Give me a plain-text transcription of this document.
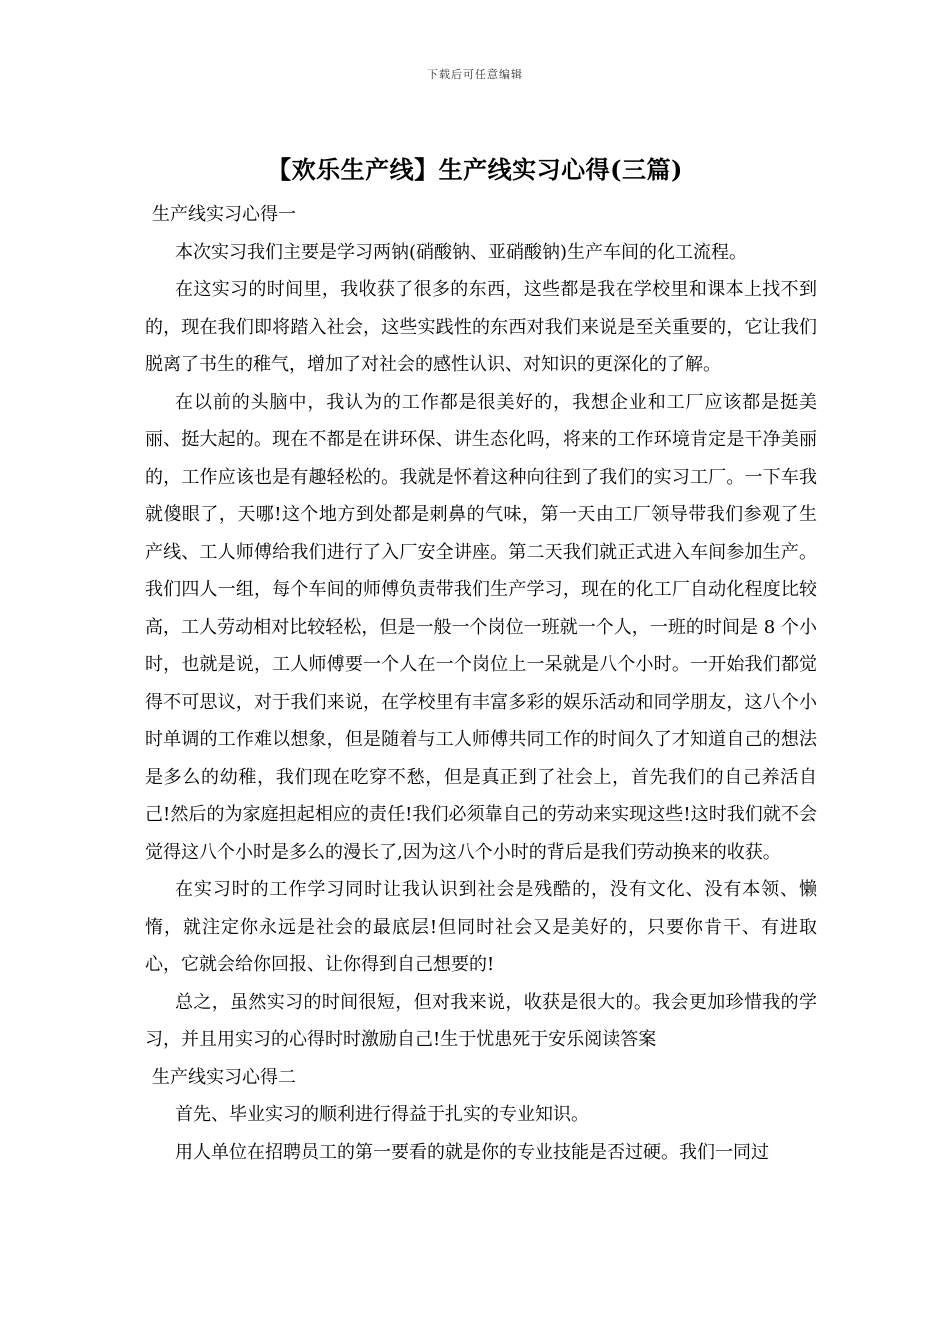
下载后可任意编辑
【欢乐生产线】生产线实习心得(三篇)

生产线实习心得一

本次实习我们主要是学习两钠(硝酸钠、亚硝酸钠)生产车间的化工流程。

在这实习的时间里，我收获了很多的东西，这些都是我在学校里和课本上找不到的，现在我们即将踏入社会，这些实践性的东西对我们来说是至关重要的，它让我们脱离了书生的稚气，增加了对社会的感性认识、对知识的更深化的了解。

在以前的头脑中，我认为的工作都是很美好的，我想企业和工厂应该都是挺美丽、挺大起的。现在不都是在讲环保、讲生态化吗，将来的工作环境肯定是干净美丽的，工作应该也是有趣轻松的。我就是怀着这种向往到了我们的实习工厂。一下车我就傻眼了，天哪!这个地方到处都是刺鼻的气味，第一天由工厂领导带我们参观了生产线、工人师傅给我们进行了入厂安全讲座。第二天我们就正式进入车间参加生产。我们四人一组，每个车间的师傅负责带我们生产学习，现在的化工厂自动化程度比较高，工人劳动相对比较轻松，但是一般一个岗位一班就一个人，一班的时间是 8 个小时，也就是说，工人师傅要一个人在一个岗位上一呆就是八个小时。一开始我们都觉得不可思议，对于我们来说，在学校里有丰富多彩的娱乐活动和同学朋友，这八个小时单调的工作难以想象，但是随着与工人师傅共同工作的时间久了才知道自己的想法是多么的幼稚，我们现在吃穿不愁，但是真正到了社会上，首先我们的自己养活自己!然后的为家庭担起相应的责任!我们必须靠自己的劳动来实现这些!这时我们就不会觉得这八个小时是多么的漫长了,因为这八个小时的背后是我们劳动换来的收获。

在实习时的工作学习同时让我认识到社会是残酷的，没有文化、没有本领、懒惰，就注定你永远是社会的最底层!但同时社会又是美好的，只要你肯干、有进取心，它就会给你回报、让你得到自己想要的!

总之，虽然实习的时间很短，但对我来说，收获是很大的。我会更加珍惜我的学习，并且用实习的心得时时激励自己!生于忧患死于安乐阅读答案

生产线实习心得二

首先、毕业实习的顺利进行得益于扎实的专业知识。

用人单位在招聘员工的第一要看的就是你的专业技能是否过硬。我们一同过
